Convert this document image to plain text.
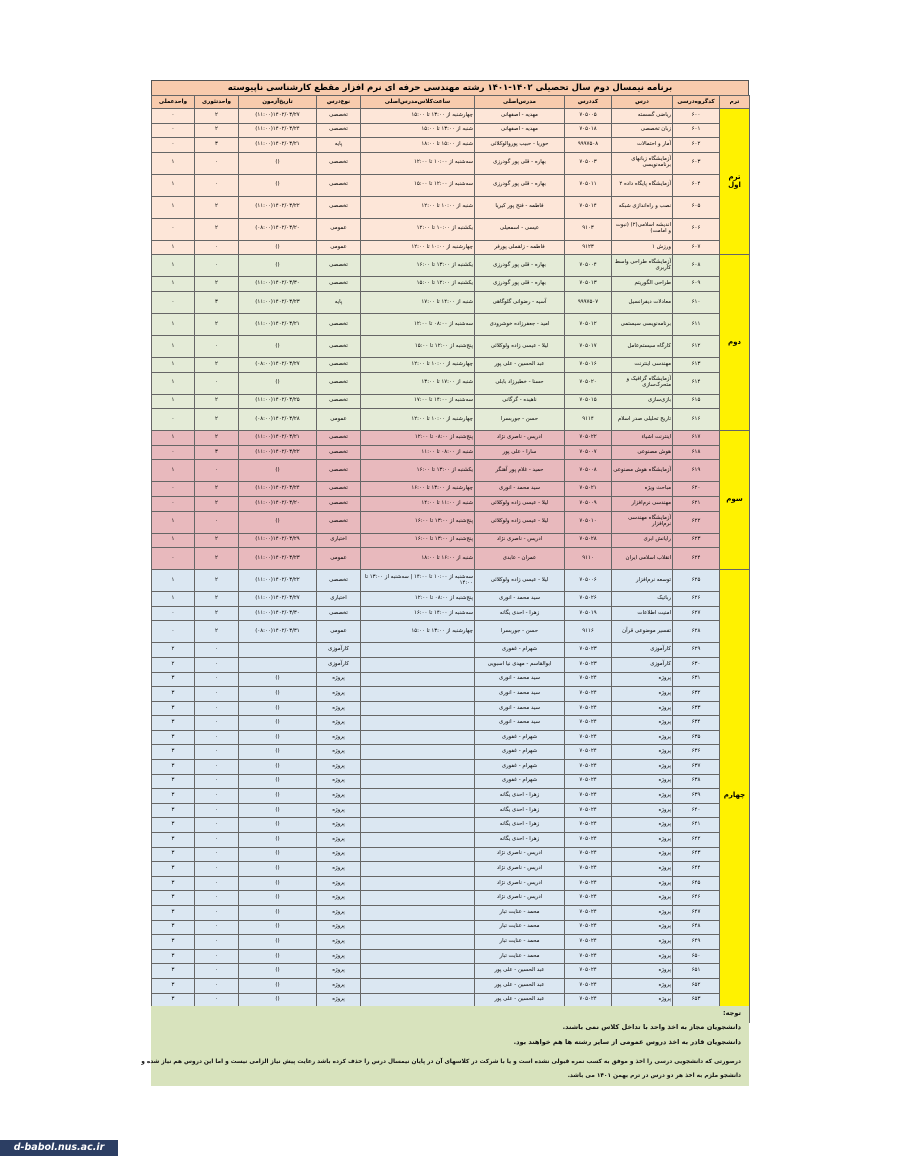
برنامه نیمسال دوم سال تحصیلی ۱۴۰۲-۱۴۰۱ رشته مهندسی حرفه ای نرم افزار مقطع کارشناسی ناپیوسته
ترم	کدگروه‌درسی	درس	کددرس	مدرس‌اصلی	ساعت‌کلاس‌مدرس‌اصلی	نوع‌درس	تاریخ‌آزمون	واحدتئوری	واحدعملی
ترم اول	۶۰۰	ریاضی گسسته	۷۰۵۰۰۵	مهدیه - اصفهانی	چهارشنبه از ۱۳:۰۰ تا ۱۵:۰۰	تخصصی	۱۴۰۲/۰۳/۲۷(۱۱:۰۰)	۲	۰
	۶۰۱	زبان تخصصی	۷۰۵۰۱۸	مهدیه - اصفهانی	شنبه از ۱۳:۰۰ تا ۱۵:۰۰	تخصصی	۱۴۰۲/۰۳/۲۴(۱۱:۰۰)	۲	۰
	۶۰۲	آمار و احتمالات	۹۹۹۷۵۰۸	حوریا - حبیب پوروالوکلائی	شنبه از ۱۵:۰۰ تا ۱۸:۰۰	پایه	۱۴۰۲/۰۳/۲۱(۱۱:۰۰)	۳	۰
	۶۰۳	آزمایشگاه زبانهای برنامه‌نویسی	۷۰۵۰۰۳	بهاره - قلی پور گودرزی	سه‌شنبه از ۱۰:۰۰ تا ۱۲:۰۰	تخصصی	()	۰	۱
	۶۰۴	آزمایشگاه پایگاه داده ۲	۷۰۵۰۱۱	بهاره - قلی پور گودرزی	سه‌شنبه از ۱۲:۰۰ تا ۱۵:۰۰	تخصصی	()	۰	۱
	۶۰۵	نصب و راه‌اندازی شبکه	۷۰۵۰۱۴	فاطمه - فتح پور کیریا	شنبه از ۱۰:۰۰ تا ۱۲:۰۰	تخصصی	۱۴۰۲/۰۳/۲۲(۱۱:۰۰)	۲	۱
	۶۰۶	اندیشه اسلامی(۲) (نبوت و امامت)	۹۱۰۳	عیسی - اسمعیلی	یکشنبه از ۱۰:۰۰ تا ۱۲:۰۰	عمومی	۱۴۰۲/۰۳/۲۰(۰۸:۰۰)	۲	۰
	۶۰۷	ورزش ۱	۹۱۲۳	فاطمه - زلقملی پورفر	چهارشنبه از ۱۰:۰۰ تا ۱۲:۰۰	عمومی	()	۰	۱
دوم	۶۰۸	آزمایشگاه طراحی واسط کاربری	۷۰۵۰۰۴	بهاره - قلی پور گودرزی	یکشنبه از ۱۳:۰۰ تا ۱۶:۰۰	تخصصی	()	۰	۱
	۶۰۹	طراحی الگوریتم	۷۰۵۰۱۳	بهاره - قلی پور گودرزی	یکشنبه از ۱۲:۰۰ تا ۱۵:۰۰	تخصصی	۱۴۰۲/۰۳/۳۰(۱۱:۰۰)	۲	۱
	۶۱۰	معادلات دیفرانسیل	۹۹۹۷۵۰۷	آسیه - رضوانی گلوگاهی	شنبه از ۱۴:۰۰ تا ۱۷:۰۰	پایه	۱۴۰۲/۰۳/۲۳(۱۱:۰۰)	۳	۰
	۶۱۱	برنامه‌نویسی سیستمی	۷۰۵۰۱۲	امید - جعفرزاده خوشرودی	سه‌شنبه از ۰۸:۰۰ تا ۱۲:۰۰	تخصصی	۱۴۰۲/۰۳/۲۱(۱۱:۰۰)	۲	۱
	۶۱۲	کارگاه سیستم‌عامل	۷۰۵۰۱۷	لیلا - عیسی زاده ولوکلائی	پنج‌شنبه از ۱۲:۰۰ تا ۱۵:۰۰	تخصصی	()	۰	۱
	۶۱۳	مهندسی اینترنت	۷۰۵۰۱۶	عبد الحسین - علی پور	چهارشنبه از ۱۰:۰۰ تا ۱۲:۰۰	تخصصی	۱۴۰۲/۰۳/۲۷(۰۸:۰۰)	۲	۱
	۶۱۴	آزمایشگاه گرافیک و متحرک‌سازی	۷۰۵۰۲۰	حسنا - خطیرزاد بابلی	شنبه از ۱۷:۰۰ تا ۱۳:۰۰	تخصصی	()	۰	۱
	۶۱۵	بازی‌سازی	۷۰۵۰۱۵	ناهیده - گرگانی	سه‌شنبه از ۱۴:۰۰ تا ۱۷:۰۰	تخصصی	۱۴۰۲/۰۳/۲۵(۱۱:۰۰)	۲	۱
	۶۱۶	تاریخ تحلیلی صدر اسلام	۹۱۱۴	حسن - جوربسرا	چهارشنبه از ۱۰:۰۰ تا ۱۲:۰۰	عمومی	۱۴۰۲/۰۳/۲۸(۰۸:۰۰)	۲	۰
سوم	۶۱۷	اینترنت اشیاء	۷۰۵۰۲۲	ادریس - ناصری نژاد	پنج‌شنبه از ۰۸:۰۰ تا ۱۲:۰۰	تخصصی	۱۴۰۲/۰۳/۲۱(۱۱:۰۰)	۲	۱
	۶۱۸	هوش مصنوعی	۷۰۵۰۰۷	سارا - علی پور	شنبه از ۰۸:۰۰ تا ۱۱:۰۰	تخصصی	۱۴۰۲/۰۳/۲۲(۱۱:۰۰)	۳	۰
	۶۱۹	آزمایشگاه هوش مصنوعی	۷۰۵۰۰۸	حمید - غلام پور آهنگر	یکشنبه از ۱۳:۰۰ تا ۱۶:۰۰	تخصصی	()	۰	۱
	۶۲۰	مباحث ویژه	۷۰۵۰۲۱	سید محمد - انوری	چهارشنبه از ۱۳:۰۰ تا ۱۶:۰۰	تخصصی	۱۴۰۲/۰۳/۲۴(۱۱:۰۰)	۲	۰
	۶۲۱	مهندسی نرم‌افزار	۷۰۵۰۰۹	لیلا - عیسی زاده ولوکلائی	شنبه از ۱۱:۰۰ تا ۱۴:۰۰	تخصصی	۱۴۰۲/۰۳/۲۰(۱۱:۰۰)	۲	۰
	۶۲۲	آزمایشگاه مهندسی نرم‌افزار	۷۰۵۰۱۰	لیلا - عیسی زاده ولوکلائی	پنج‌شنبه از ۱۳:۰۰ تا ۱۶:۰۰	تخصصی	()	۰	۱
	۶۲۳	رایانش ابری	۷۰۵۰۲۸	ادریس - ناصری نژاد	پنج‌شنبه از ۱۳:۰۰ تا ۱۶:۰۰	اختیاری	۱۴۰۲/۰۳/۲۹(۱۱:۰۰)	۲	۱
	۶۲۴	انقلاب اسلامی ایران	۹۱۱۰	عمران - عابدی	شنبه از ۱۶:۰۰ تا ۱۸:۰۰	عمومی	۱۴۰۲/۰۳/۲۳(۱۱:۰۰)	۲	۰
چهارم	۶۲۵	توسعه نرم‌افزار	۷۰۵۰۰۶	لیلا - عیسی زاده ولوکلائی	سه‌شنبه از ۱۰:۰۰ تا ۱۴:۰۰ | سه‌شنبه از ۱۳:۰۰ تا ۱۴:۰۰	تخصصی	۱۴۰۲/۰۳/۲۲(۱۱:۰۰)	۲	۱
	۶۲۶	رباتیک	۷۰۵۰۲۶	سید محمد - انوری	پنج‌شنبه از ۰۸:۰۰ تا ۱۲:۰۰	اختیاری	۱۴۰۲/۰۳/۲۷(۱۱:۰۰)	۲	۱
	۶۲۷	امنیت اطلاعات	۷۰۵۰۱۹	زهرا - احدی یگانه	سه‌شنبه از ۱۴:۰۰ تا ۱۶:۰۰	تخصصی	۱۴۰۲/۰۳/۳۰(۱۱:۰۰)	۲	۰
	۶۲۸	تفسیر موضوعی قرآن	۹۱۱۶	حسن - جوربسرا	چهارشنبه از ۱۳:۰۰ تا ۱۵:۰۰	عمومی	۱۴۰۲/۰۳/۳۱(۰۸:۰۰)	۲	۰
	۶۲۹	کارآموزی	۷۰۵۰۲۳	شهرام - غفوری		کارآموزی		۰	۲
	۶۳۰	کارآموزی	۷۰۵۰۲۳	ابوالقاسم - مهدی نیا اسبویی		کارآموزی		۰	۲
	۶۳۱	پروژه	۷۰۵۰۲۴	سید محمد - انوری		پروژه	()	۰	۳
	۶۳۲	پروژه	۷۰۵۰۲۴	سید محمد - انوری		پروژه	()	۰	۳
	۶۳۳	پروژه	۷۰۵۰۲۴	سید محمد - انوری		پروژه	()	۰	۳
	۶۳۴	پروژه	۷۰۵۰۲۴	سید محمد - انوری		پروژه	()	۰	۳
	۶۳۵	پروژه	۷۰۵۰۲۴	شهرام - غفوری		پروژه	()	۰	۳
	۶۳۶	پروژه	۷۰۵۰۲۴	شهرام - غفوری		پروژه	()	۰	۳
	۶۳۷	پروژه	۷۰۵۰۲۴	شهرام - غفوری		پروژه	()	۰	۳
	۶۳۸	پروژه	۷۰۵۰۲۴	شهرام - غفوری		پروژه	()	۰	۳
	۶۳۹	پروژه	۷۰۵۰۲۴	زهرا - احدی یگانه		پروژه	()	۰	۳
	۶۴۰	پروژه	۷۰۵۰۲۴	زهرا - احدی یگانه		پروژه	()	۰	۳
	۶۴۱	پروژه	۷۰۵۰۲۴	زهرا - احدی یگانه		پروژه	()	۰	۳
	۶۴۲	پروژه	۷۰۵۰۲۴	زهرا - احدی یگانه		پروژه	()	۰	۳
	۶۴۳	پروژه	۷۰۵۰۲۴	ادریس - ناصری نژاد		پروژه	()	۰	۳
	۶۴۴	پروژه	۷۰۵۰۲۴	ادریس - ناصری نژاد		پروژه	()	۰	۳
	۶۴۵	پروژه	۷۰۵۰۲۴	ادریس - ناصری نژاد		پروژه	()	۰	۳
	۶۴۶	پروژه	۷۰۵۰۲۴	ادریس - ناصری نژاد		پروژه	()	۰	۳
	۶۴۷	پروژه	۷۰۵۰۲۴	محمد - عنایت تبار		پروژه	()	۰	۳
	۶۴۸	پروژه	۷۰۵۰۲۴	محمد - عنایت تبار		پروژه	()	۰	۳
	۶۴۹	پروژه	۷۰۵۰۲۴	محمد - عنایت تبار		پروژه	()	۰	۳
	۶۵۰	پروژه	۷۰۵۰۲۴	محمد - عنایت تبار		پروژه	()	۰	۳
	۶۵۱	پروژه	۷۰۵۰۲۴	عبد الحسین - علی پور		پروژه	()	۰	۳
	۶۵۲	پروژه	۷۰۵۰۲۴	عبد الحسین - علی پور		پروژه	()	۰	۳
	۶۵۳	پروژه	۷۰۵۰۲۴	عبد الحسین - علی پور		پروژه	()	۰	۳

توجه:
دانشجویان مجاز به اخذ واحد با تداخل کلاس نمی باشند.
دانشجویان قادر به اخذ دروس عمومی از سایر رشته ها هم خواهند بود.
درصورتی که دانشجویی درسی را اخذ و موفق به کسب نمره قبولی نشده است و یا با شرکت در کلاسهای آن در پایان نیمسال درس را حذف کرده باشد رعایت پیش نیاز الزامی نیست و اما این دروس هم نیاز شده و
دانشجو ملزم به اخذ هر دو درس در ترم بهمن ۱۴۰۱ می باشد.
d-babol.nus.ac.ir
